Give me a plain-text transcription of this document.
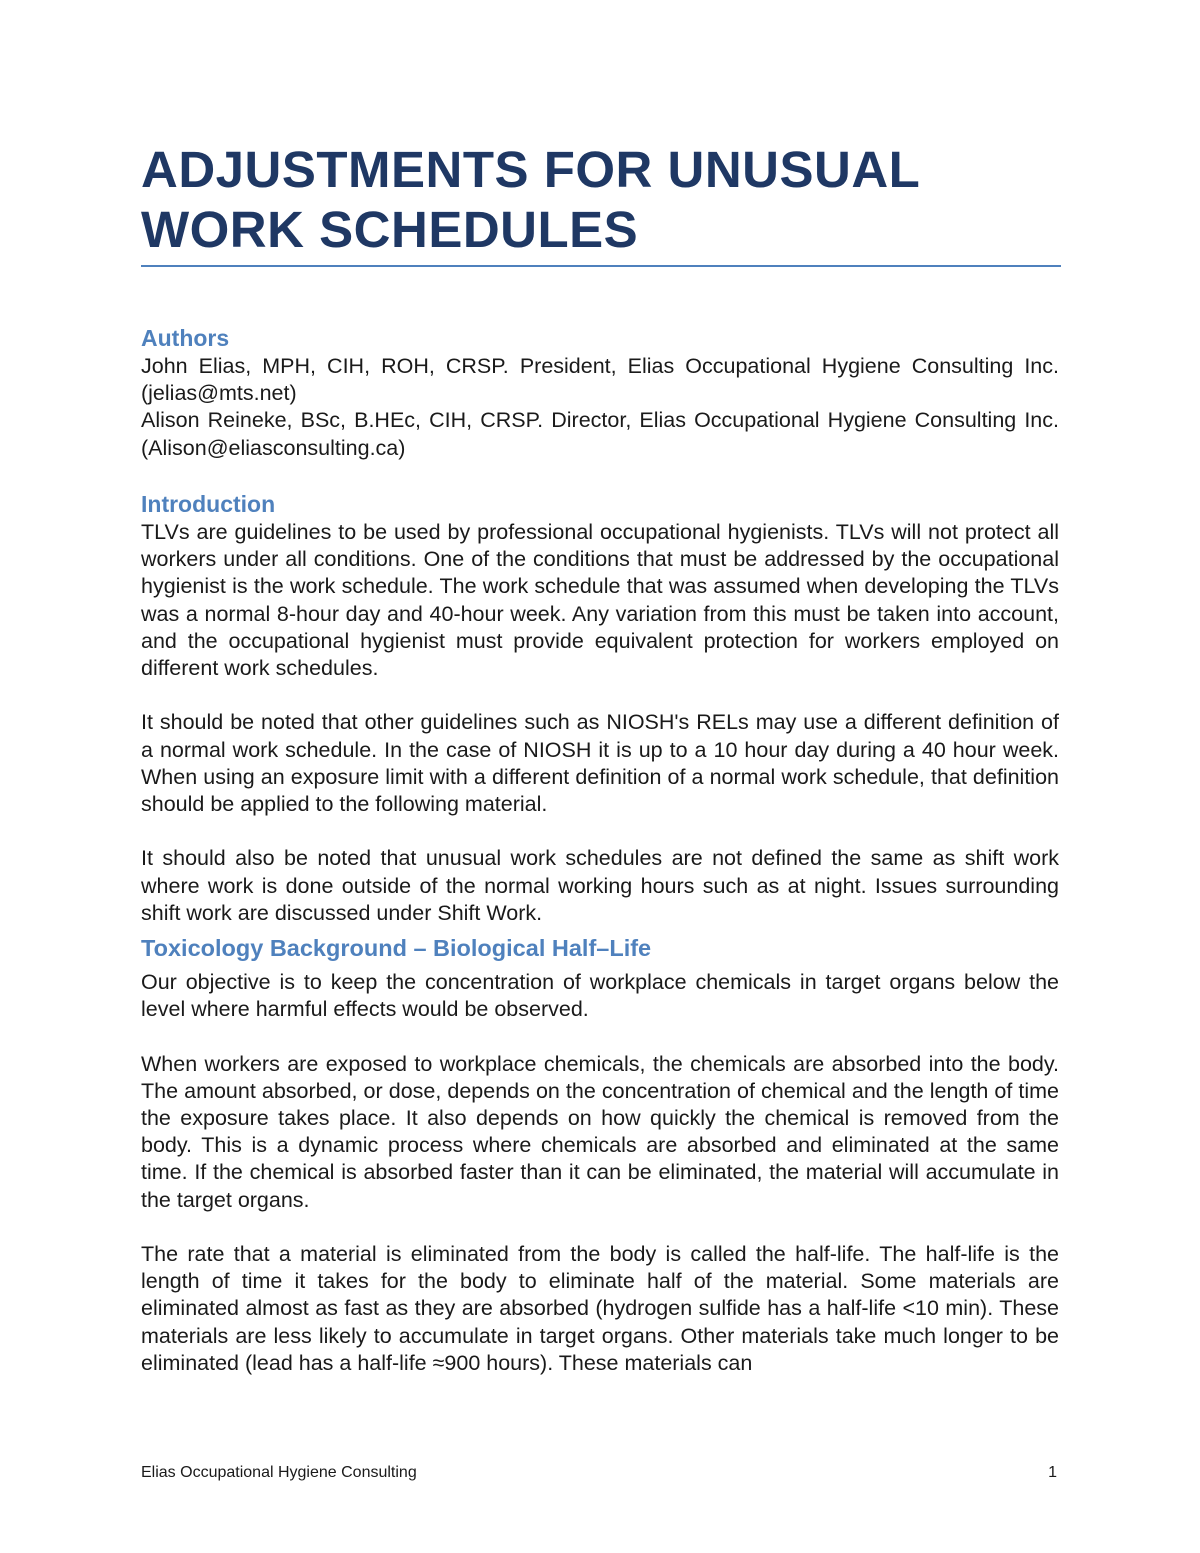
ADJUSTMENTS FOR UNUSUAL
WORK SCHEDULES
Authors

John Elias, MPH, CIH, ROH, CRSP. President, Elias Occupational Hygiene Consulting Inc. (jelias@mts.net)

Alison Reineke, BSc, B.HEc, CIH, CRSP. Director, Elias Occupational Hygiene Consulting Inc. (Alison@eliasconsulting.ca)

Introduction

TLVs are guidelines to be used by professional occupational hygienists. TLVs will not protect all workers under all conditions. One of the conditions that must be addressed by the occupational hygienist is the work schedule. The work schedule that was assumed when developing the TLVs was a normal 8-hour day and 40-hour week. Any variation from this must be taken into account, and the occupational hygienist must provide equivalent protection for workers employed on different work schedules.

It should be noted that other guidelines such as NIOSH's RELs may use a different definition of a normal work schedule. In the case of NIOSH it is up to a 10 hour day during a 40 hour week. When using an exposure limit with a different definition of a normal work schedule, that definition should be applied to the following material.

It should also be noted that unusual work schedules are not defined the same as shift work where work is done outside of the normal working hours such as at night. Issues surrounding shift work are discussed under Shift Work.

Toxicology Background – Biological Half–Life

Our objective is to keep the concentration of workplace chemicals in target organs below the level where harmful effects would be observed.

When workers are exposed to workplace chemicals, the chemicals are absorbed into the body. The amount absorbed, or dose, depends on the concentration of chemical and the length of time the exposure takes place. It also depends on how quickly the chemical is removed from the body. This is a dynamic process where chemicals are absorbed and eliminated at the same time. If the chemical is absorbed faster than it can be eliminated, the material will accumulate in the target organs.

The rate that a material is eliminated from the body is called the half-life. The half-life is the length of time it takes for the body to eliminate half of the material. Some materials are eliminated almost as fast as they are absorbed (hydrogen sulfide has a half-life <10 min). These materials are less likely to accumulate in target organs. Other materials take much longer to be eliminated (lead has a half-life ≈900 hours). These materials can

Elias Occupational Hygiene Consulting	1
